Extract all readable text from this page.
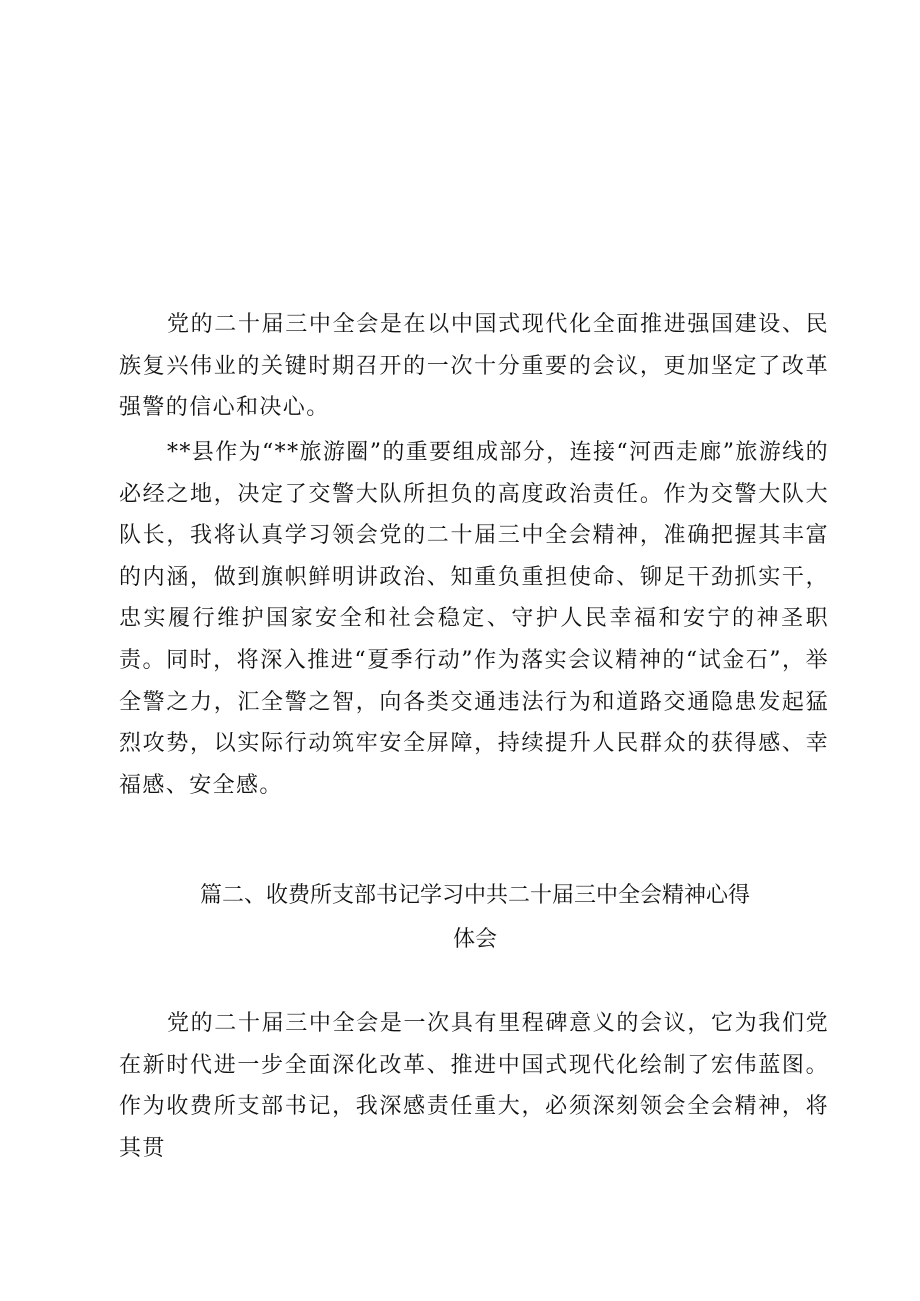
党的二十届三中全会是在以中国式现代化全面推进强国建设、民族复兴伟业的关键时期召开的一次十分重要的会议，更加坚定了改革强警的信心和决心。

**县作为“**旅游圈”的重要组成部分，连接“河西走廊”旅游线的必经之地，决定了交警大队所担负的高度政治责任。作为交警大队大队长，我将认真学习领会党的二十届三中全会精神，准确把握其丰富的内涵，做到旗帜鲜明讲政治、知重负重担使命、铆足干劲抓实干，忠实履行维护国家安全和社会稳定、守护人民幸福和安宁的神圣职责。同时，将深入推进“夏季行动”作为落实会议精神的“试金石”，举全警之力，汇全警之智，向各类交通违法行为和道路交通隐患发起猛烈攻势，以实际行动筑牢安全屏障，持续提升人民群众的获得感、幸福感、安全感。

篇二、收费所支部书记学习中共二十届三中全会精神心得
体会

党的二十届三中全会是一次具有里程碑意义的会议，它为我们党在新时代进一步全面深化改革、推进中国式现代化绘制了宏伟蓝图。作为收费所支部书记，我深感责任重大，必须深刻领会全会精神，将其贯
